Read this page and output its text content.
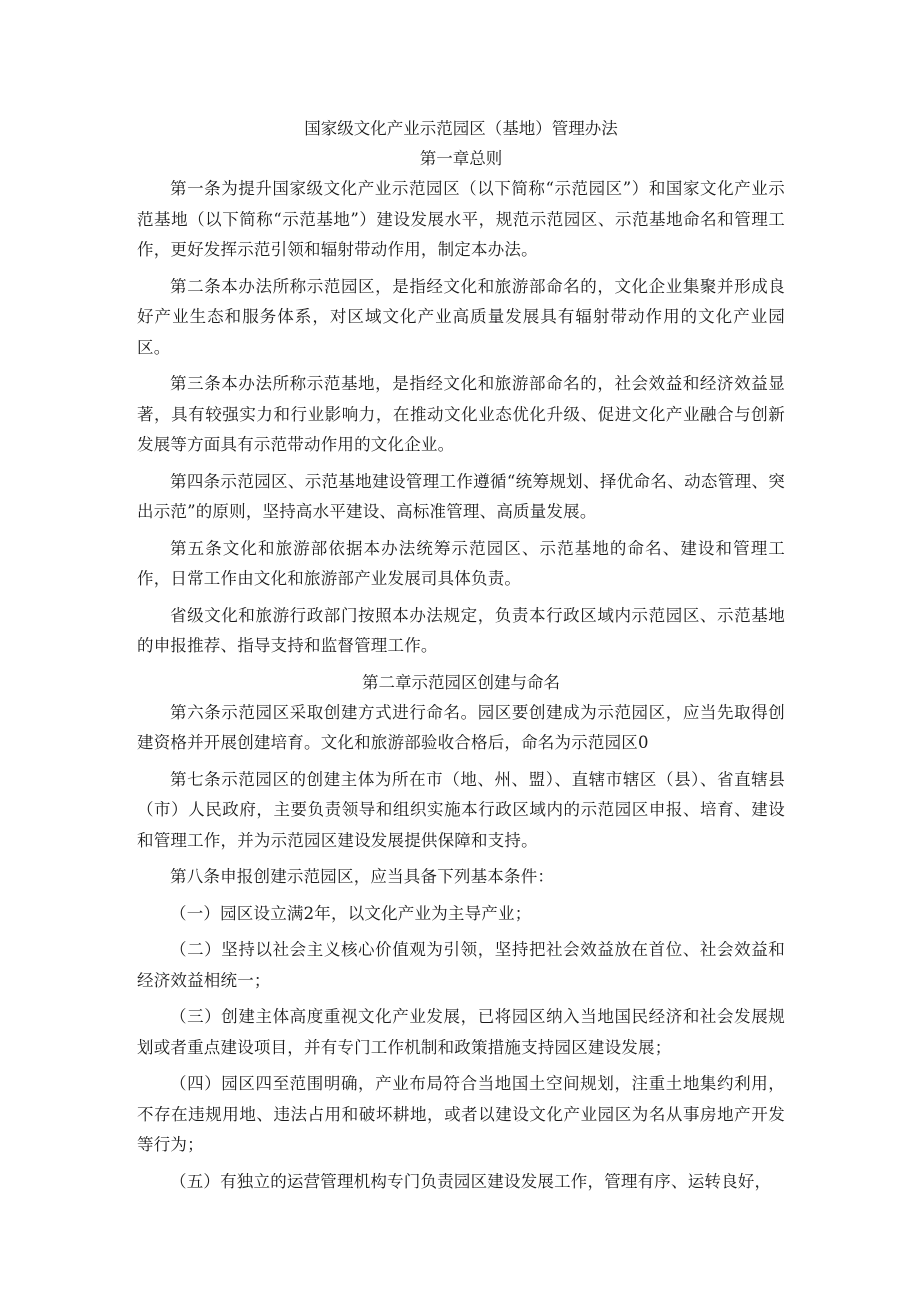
国家级文化产业示范园区（基地）管理办法
第一章总则

第一条为提升国家级文化产业示范园区（以下简称“示范园区”）和国家文化产业示范基地（以下简称“示范基地”）建设发展水平，规范示范园区、示范基地命名和管理工作，更好发挥示范引领和辐射带动作用，制定本办法。

第二条本办法所称示范园区，是指经文化和旅游部命名的，文化企业集聚并形成良好产业生态和服务体系，对区域文化产业高质量发展具有辐射带动作用的文化产业园区。

第三条本办法所称示范基地，是指经文化和旅游部命名的，社会效益和经济效益显著，具有较强实力和行业影响力，在推动文化业态优化升级、促进文化产业融合与创新发展等方面具有示范带动作用的文化企业。

第四条示范园区、示范基地建设管理工作遵循“统筹规划、择优命名、动态管理、突出示范”的原则，坚持高水平建设、高标准管理、高质量发展。

第五条文化和旅游部依据本办法统筹示范园区、示范基地的命名、建设和管理工作，日常工作由文化和旅游部产业发展司具体负责。

省级文化和旅游行政部门按照本办法规定，负责本行政区域内示范园区、示范基地的申报推荐、指导支持和监督管理工作。

第二章示范园区创建与命名

第六条示范园区采取创建方式进行命名。园区要创建成为示范园区，应当先取得创建资格并开展创建培育。文化和旅游部验收合格后，命名为示范园区0

第七条示范园区的创建主体为所在市（地、州、盟）、直辖市辖区（县）、省直辖县（市）人民政府，主要负责领导和组织实施本行政区域内的示范园区申报、培育、建设和管理工作，并为示范园区建设发展提供保障和支持。

第八条申报创建示范园区，应当具备下列基本条件：

（一）园区设立满2年，以文化产业为主导产业；

（二）坚持以社会主义核心价值观为引领，坚持把社会效益放在首位、社会效益和经济效益相统一；

（三）创建主体高度重视文化产业发展，已将园区纳入当地国民经济和社会发展规划或者重点建设项目，并有专门工作机制和政策措施支持园区建设发展；

（四）园区四至范围明确，产业布局符合当地国土空间规划，注重土地集约利用，不存在违规用地、违法占用和破坏耕地，或者以建设文化产业园区为名从事房地产开发等行为；

（五）有独立的运营管理机构专门负责园区建设发展工作，管理有序、运转良好，
